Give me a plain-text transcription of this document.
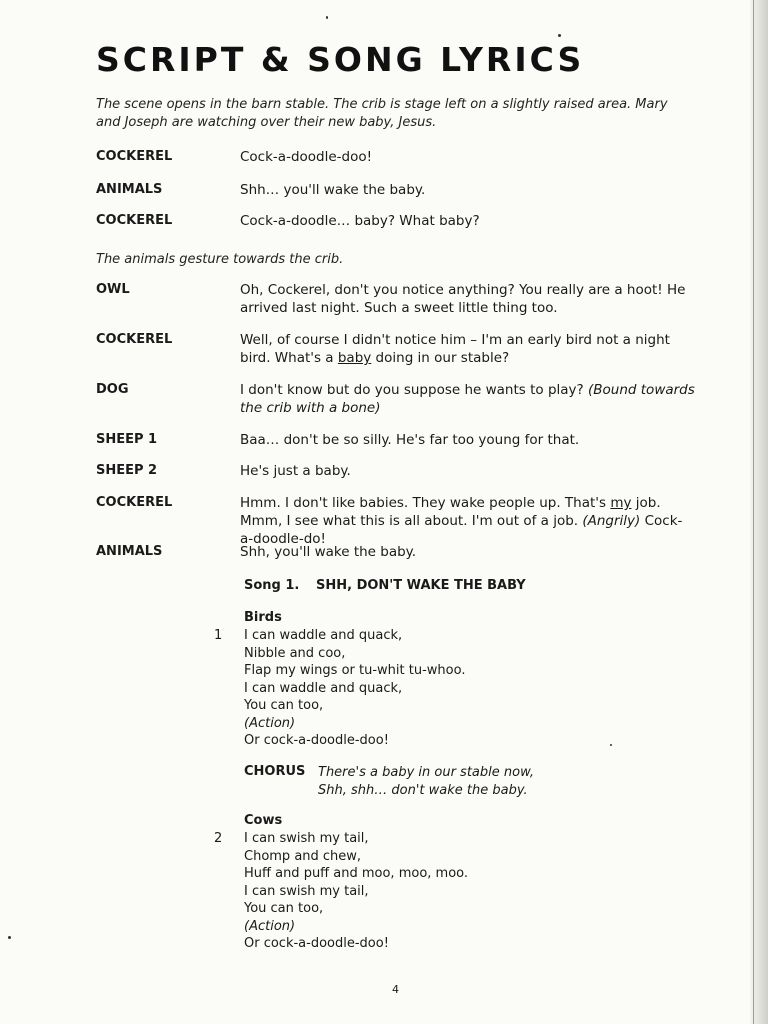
SCRIPT & SONG LYRICS

The scene opens in the barn stable. The crib is stage left on a slightly raised area. Mary and Joseph are watching over their new baby, Jesus.

COCKEREL	Cock-a-doodle-doo!
ANIMALS	Shh… you'll wake the baby.
COCKEREL	Cock-a-doodle… baby? What baby?

The animals gesture towards the crib.

OWL	Oh, Cockerel, don't you notice anything? You really are a hoot! He arrived last night. Such a sweet little thing too.
COCKEREL	Well, of course I didn't notice him – I'm an early bird not a night bird. What's a baby doing in our stable?
DOG	I don't know but do you suppose he wants to play? (Bound towards the crib with a bone)
SHEEP 1	Baa… don't be so silly. He's far too young for that.
SHEEP 2	He's just a baby.
COCKEREL	Hmm. I don't like babies. They wake people up. That's my job. Mmm, I see what this is all about. I'm out of a job. (Angrily) Cock-a-doodle-do!
ANIMALS	Shh, you'll wake the baby.
Song 1. SHH, DON'T WAKE THE BABY
Birds
1 I can waddle and quack,
Nibble and coo,
Flap my wings or tu-whit tu-whoo.
I can waddle and quack,
You can too,
(Action)
Or cock-a-doodle-doo!
CHORUS There's a baby in our stable now,
Shh, shh… don't wake the baby.
Cows
2 I can swish my tail,
Chomp and chew,
Huff and puff and moo, moo, moo.
I can swish my tail,
You can too,
(Action)
Or cock-a-doodle-doo!
4
